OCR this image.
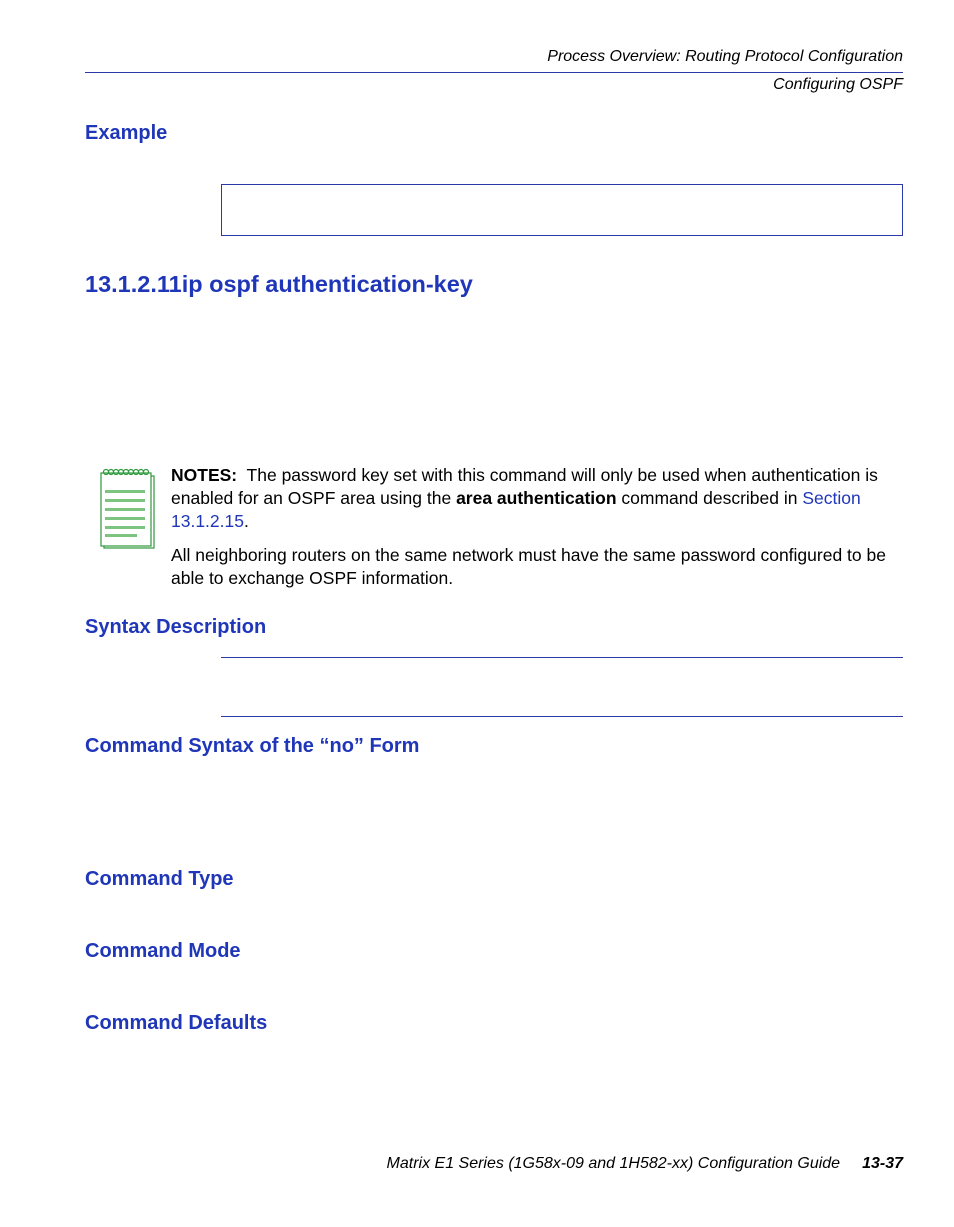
Process Overview: Routing Protocol Configuration
Configuring OSPF
Example
13.1.2.11ip ospf authentication-key

NOTES: The password key set with this command will only be used when authentication is enabled for an OSPF area using the area authentication command described in Section 13.1.2.15.

All neighboring routers on the same network must have the same password configured to be able to exchange OSPF information.

Syntax Description
Command Syntax of the “no” Form
Command Type
Command Mode
Command Defaults
Matrix E1 Series (1G58x-09 and 1H582-xx) Configuration Guide 13-37
